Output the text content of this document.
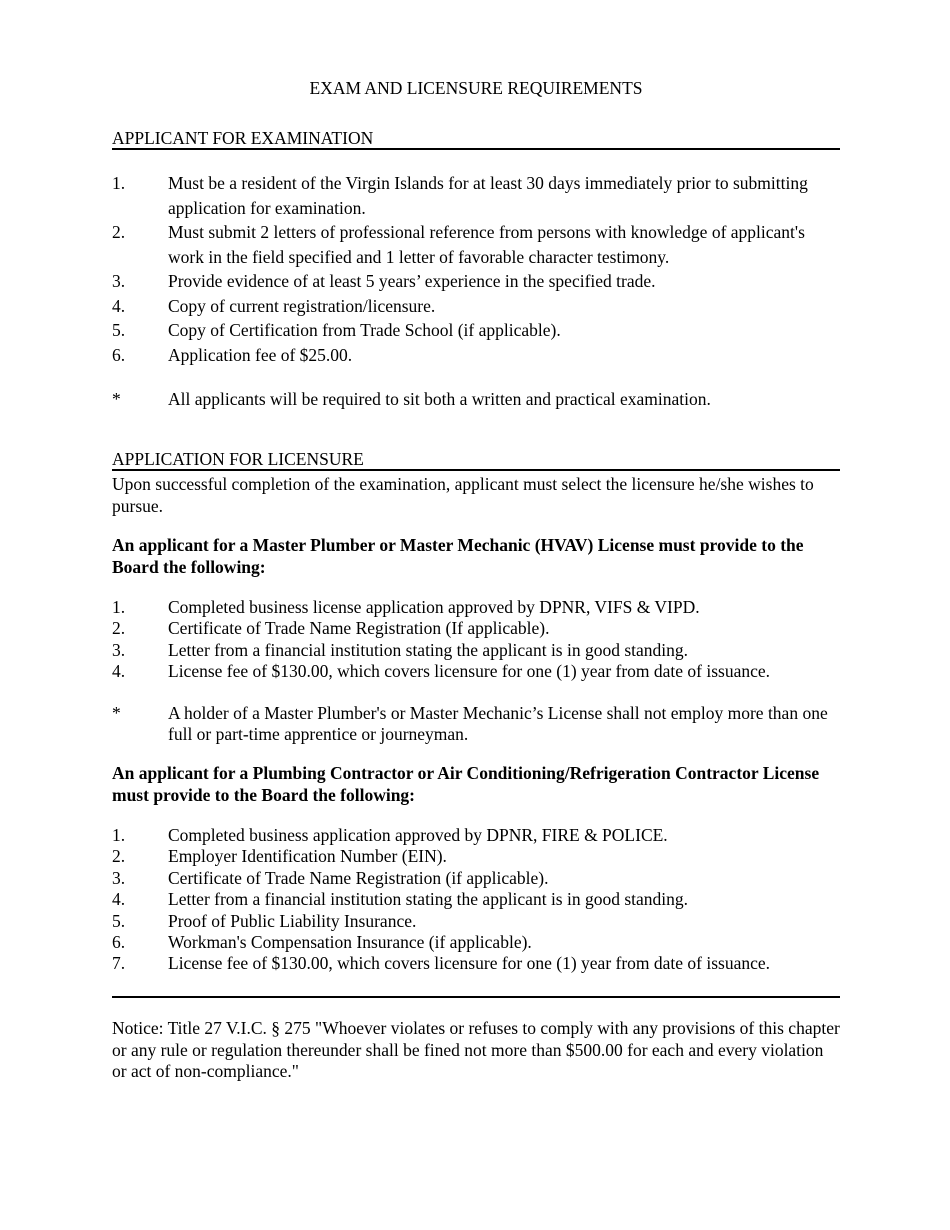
EXAM AND LICENSURE REQUIREMENTS
APPLICANT FOR EXAMINATION
1.	Must be a resident of the Virgin Islands for at least 30 days immediately prior to submitting application for examination.
2.	Must submit 2 letters of professional reference from persons with knowledge of applicant's work in the field specified and 1 letter of favorable character testimony.
3.	Provide evidence of at least 5 years’ experience in the specified trade.
4.	Copy of current registration/licensure.
5.	Copy of Certification from Trade School (if applicable).
6.	Application fee of $25.00.
*	All applicants will be required to sit both a written and practical examination.
APPLICATION FOR LICENSURE
Upon successful completion of the examination, applicant must select the licensure he/she wishes to pursue.
An applicant for a Master Plumber or Master Mechanic (HVAV) License must provide to the Board the following:
1.	Completed business license application approved by DPNR, VIFS & VIPD.
2.	Certificate of Trade Name Registration (If applicable).
3.	Letter from a financial institution stating the applicant is in good standing.
4.	License fee of $130.00, which covers licensure for one (1) year from date of issuance.
*	A holder of a Master Plumber's or Master Mechanic’s License shall not employ more than one full or part-time apprentice or journeyman.
An applicant for a Plumbing Contractor or Air Conditioning/Refrigeration Contractor License must provide to the Board the following:
1.	Completed business application approved by DPNR, FIRE & POLICE.
2.	Employer Identification Number (EIN).
3.	Certificate of Trade Name Registration (if applicable).
4.	Letter from a financial institution stating the applicant is in good standing.
5.	Proof of Public Liability Insurance.
6.	Workman's Compensation Insurance (if applicable).
7.	License fee of $130.00, which covers licensure for one (1) year from date of issuance.
Notice: Title 27 V.I.C. § 275 "Whoever violates or refuses to comply with any provisions of this chapter or any rule or regulation thereunder shall be fined not more than $500.00 for each and every violation or act of non-compliance."
